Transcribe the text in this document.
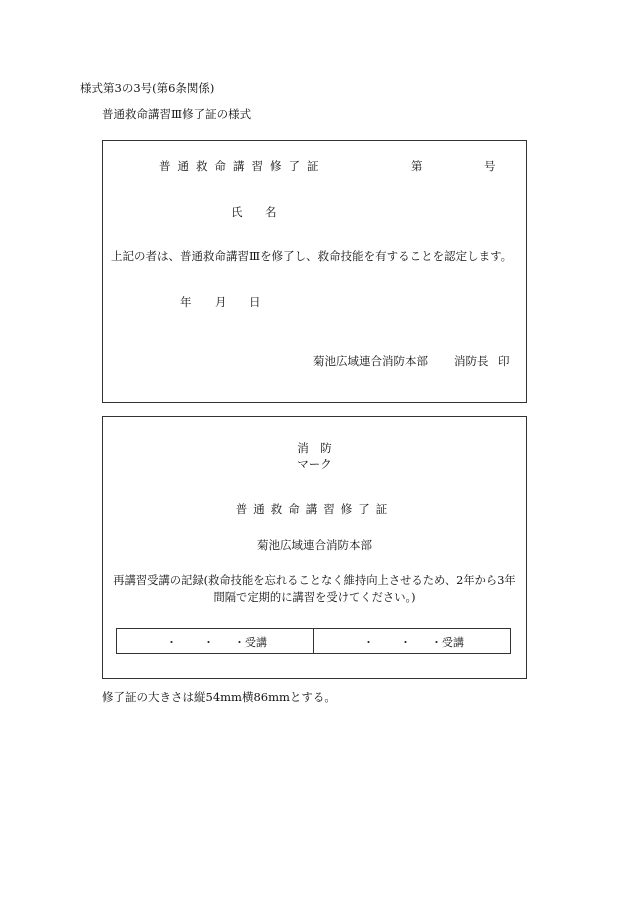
様式第3の3号(第6条関係)
普通救命講習Ⅲ修了証の様式
普通救命講習修了証	第	号
氏 名
上記の者は、普通救命講習Ⅲを修了し、救命技能を有することを認定します。
年 月 日
菊池広域連合消防本部 消防長 印
消　防
マーク
普通救命講習修了証
菊池広域連合消防本部
再講習受講の記録(救命技能を忘れることなく維持向上させるため、2年から3年間隔で定期的に講習を受けてください。)
・ ・ ・受講	・ ・ ・受講
修了証の大きさは縦54mm横86mmとする。
